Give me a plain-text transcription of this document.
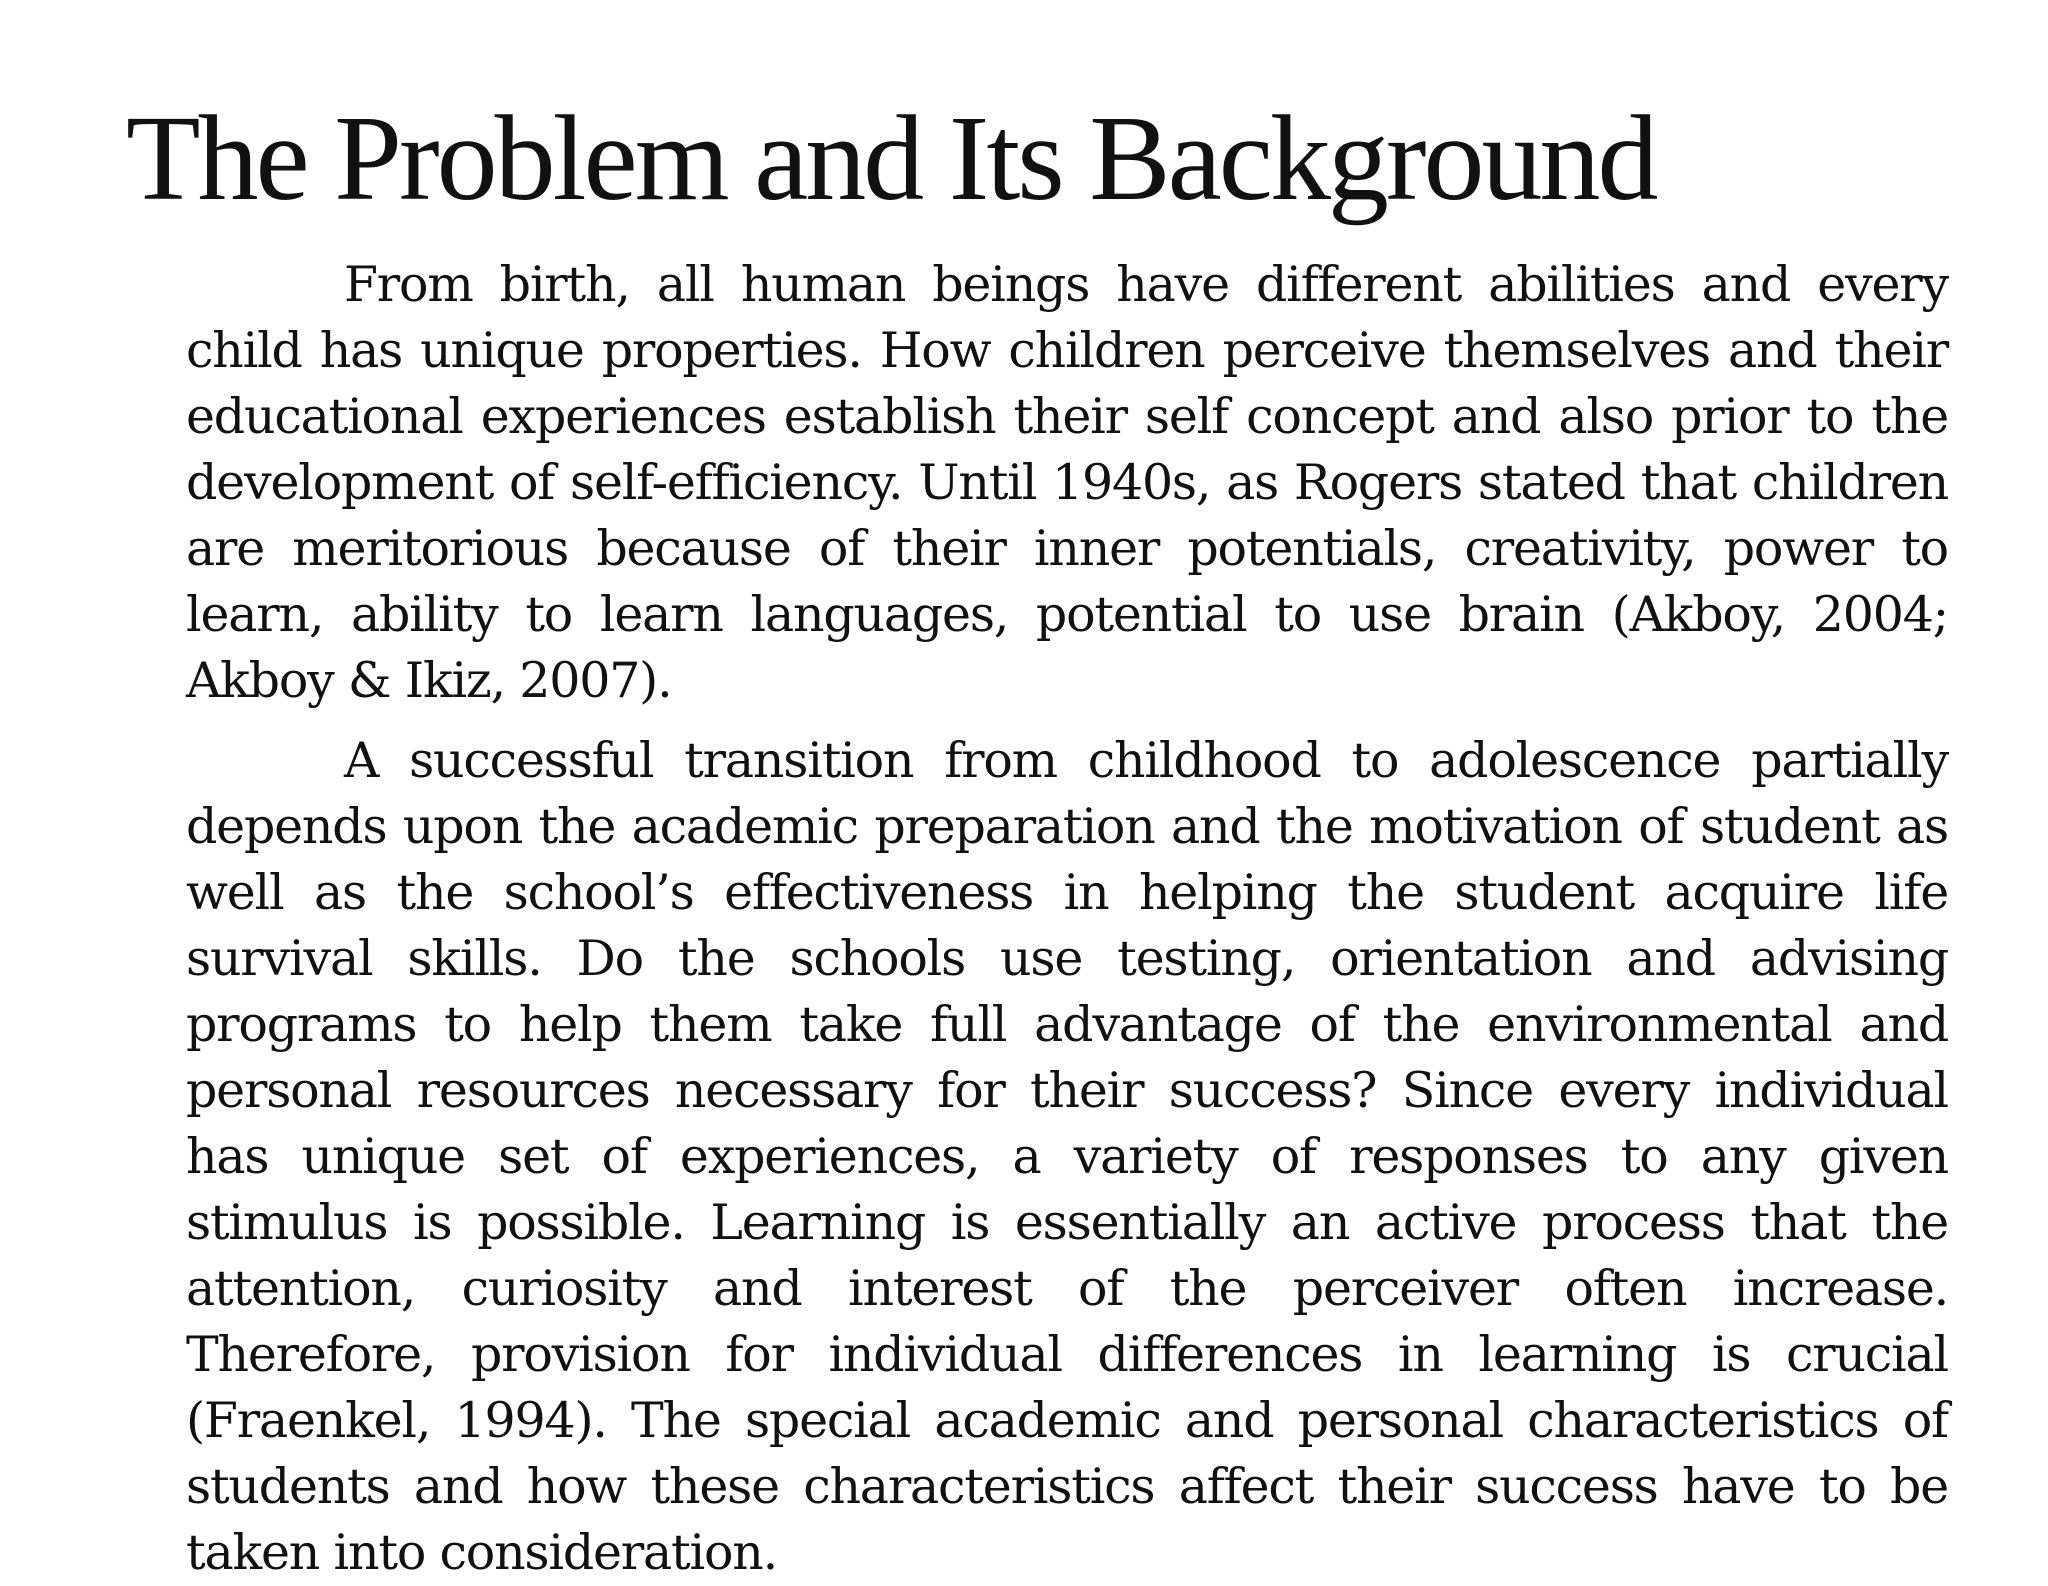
The Problem and Its Background

From birth, all human beings have different abilities and every child has unique properties. How children perceive themselves and their educational experiences establish their self concept and also prior to the development of self-efficiency. Until 1940s, as Rogers stated that children are meritorious because of their inner potentials, creativity, power to learn, ability to learn languages, potential to use brain (Akboy, 2004; Akboy & Ikiz, 2007).

A successful transition from childhood to adolescence partially depends upon the academic preparation and the motivation of student as well as the school’s effectiveness in helping the student acquire life survival skills. Do the schools use testing, orientation and advising programs to help them take full advantage of the environmental and personal resources necessary for their success? Since every individual has unique set of experiences, a variety of responses to any given stimulus is possible. Learning is essentially an active process that the attention, curiosity and interest of the perceiver often increase. Therefore, provision for individual differences in learning is crucial (Fraenkel, 1994). The special academic and personal characteristics of students and how these characteristics affect their success have to be taken into consideration.
